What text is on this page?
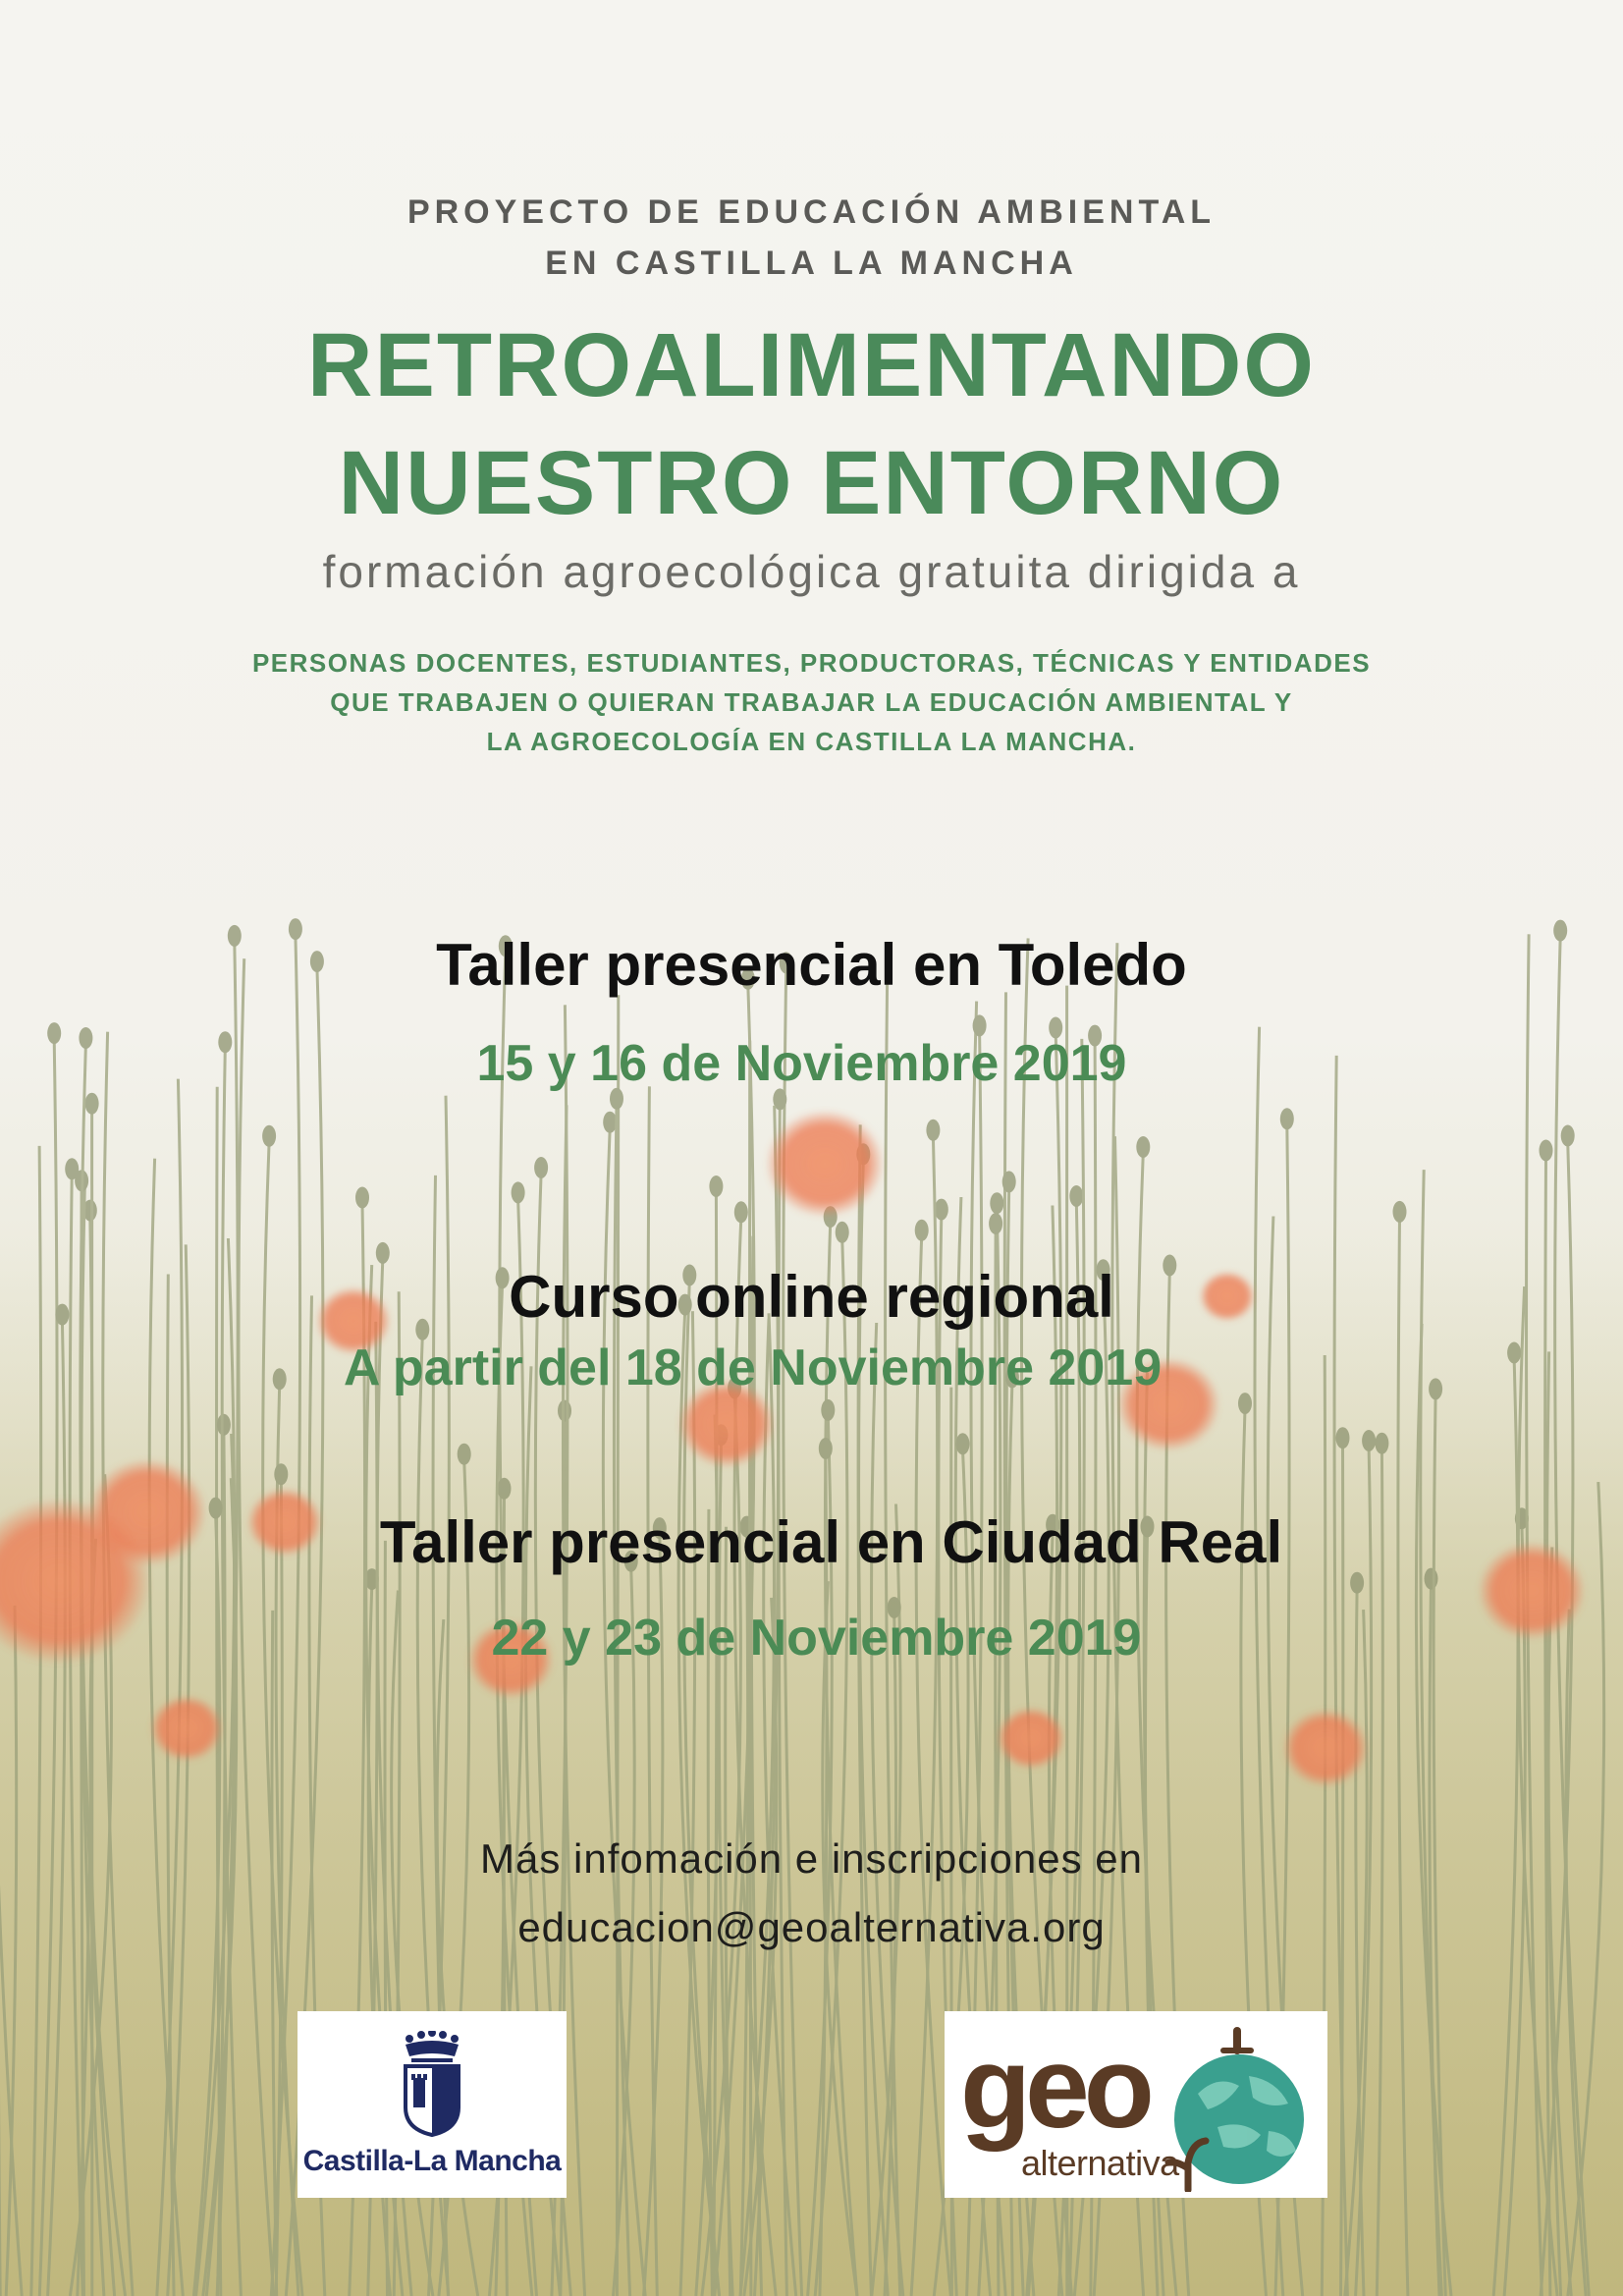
PROYECTO DE EDUCACIÓN AMBIENTAL
EN CASTILLA LA MANCHA

RETROALIMENTANDO
NUESTRO ENTORNO

formación agroecológica gratuita dirigida a

PERSONAS DOCENTES, ESTUDIANTES, PRODUCTORAS, TÉCNICAS Y ENTIDADES
QUE TRABAJEN O QUIERAN TRABAJAR LA EDUCACIÓN AMBIENTAL Y
LA AGROECOLOGÍA EN CASTILLA LA MANCHA.

Taller presencial en Toledo
15 y 16 de Noviembre 2019
Curso online regional
A partir del 18 de Noviembre 2019
Taller presencial en Ciudad Real
22 y 23 de Noviembre 2019

Más infomación e inscripciones en
educacion@geoalternativa.org

Castilla-La Mancha
geo
alternativa
